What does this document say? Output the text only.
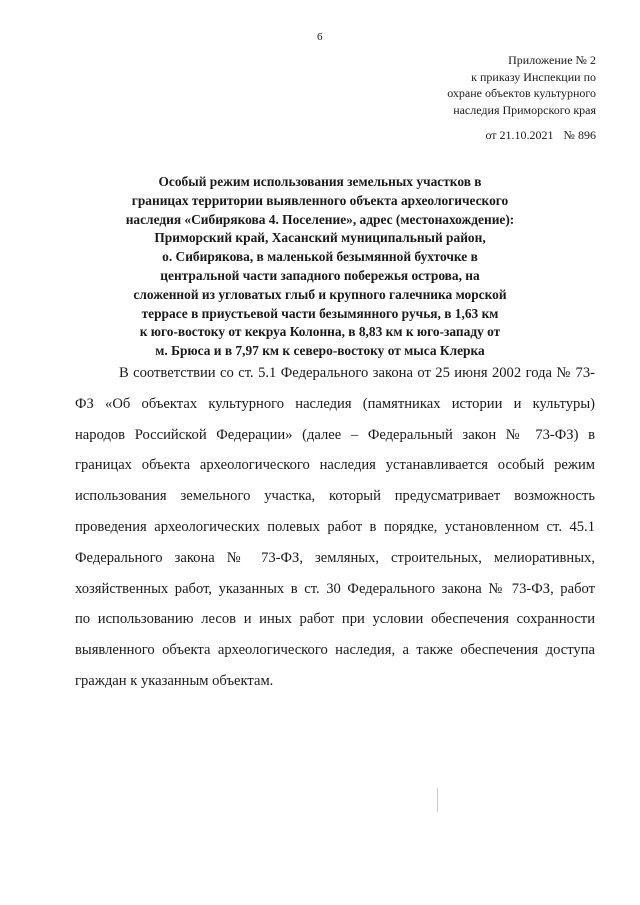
6
Приложение № 2
к приказу Инспекции по
охране объектов культурного
наследия Приморского края
от 21.10.2021 № 896
Особый режим использования земельных участков в
границах территории выявленного объекта археологического
наследия «Сибирякова 4. Поселение», адрес (местонахождение):
Приморский край, Хасанский муниципальный район,
о. Сибирякова, в маленькой безымянной бухточке в
центральной части западного побережья острова, на
сложенной из угловатых глыб и крупного галечника морской
террасе в приустьевой части безымянного ручья, в 1,63 км
к юго-востоку от кекруа Колонна, в 8,83 км к юго-западу от
м. Брюса и в 7,97 км к северо-востоку от мыса Клерка
В соответствии со ст. 5.1 Федерального закона от 25 июня 2002 года № 73-
ФЗ «Об объектах культурного наследия (памятниках истории и культуры)
народов Российской Федерации» (далее – Федеральный закон № 73-ФЗ) в
границах объекта археологического наследия устанавливается особый режим
использования земельного участка, который предусматривает возможность
проведения археологических полевых работ в порядке, установленном ст. 45.1
Федерального закона № 73-ФЗ, земляных, строительных, мелиоративных,
хозяйственных работ, указанных в ст. 30 Федерального закона № 73-ФЗ, работ
по использованию лесов и иных работ при условии обеспечения сохранности
выявленного объекта археологического наследия, а также обеспечения доступа
граждан к указанным объектам.
